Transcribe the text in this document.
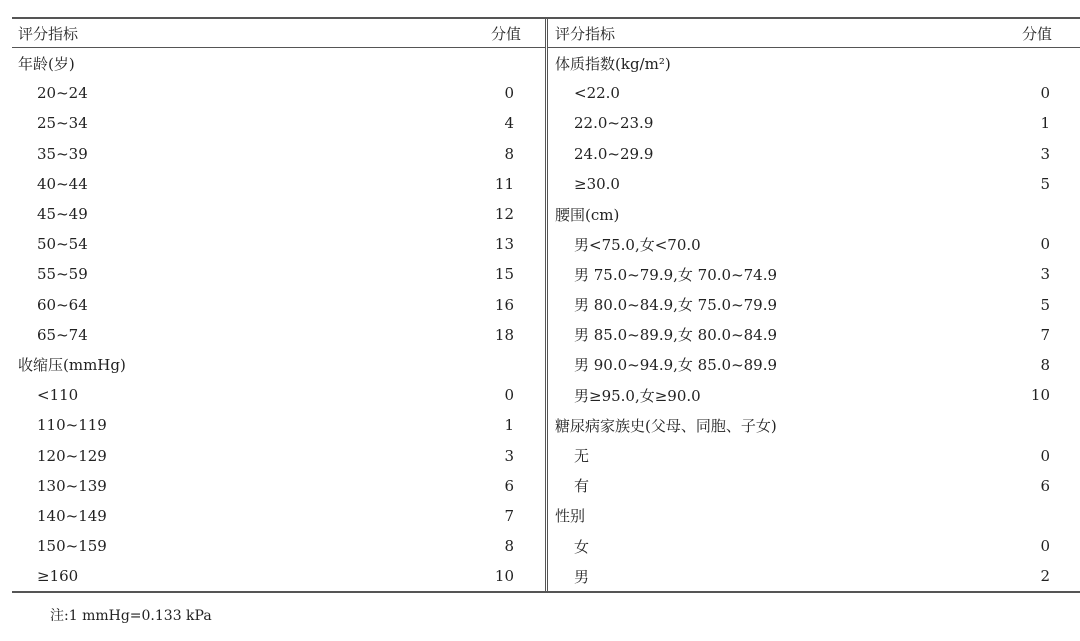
评分指标	分值
年龄(岁)
20~24	0
25~34	4
35~39	8
40~44	11
45~49	12
50~54	13
55~59	15
60~64	16
65~74	18
收缩压(mmHg)
<110	0
110~119	1
120~129	3
130~139	6
140~149	7
150~159	8
≥160	10
评分指标	分值
体质指数(kg/m²)
<22.0	0
22.0~23.9	1
24.0~29.9	3
≥30.0	5
腰围(cm)
男<75.0,女<70.0	0
男 75.0~79.9,女 70.0~74.9	3
男 80.0~84.9,女 75.0~79.9	5
男 85.0~89.9,女 80.0~84.9	7
男 90.0~94.9,女 85.0~89.9	8
男≥95.0,女≥90.0	10
糖尿病家族史(父母、同胞、子女)
无	0
有	6
性别
女	0
男	2
注:1 mmHg=0.133 kPa
